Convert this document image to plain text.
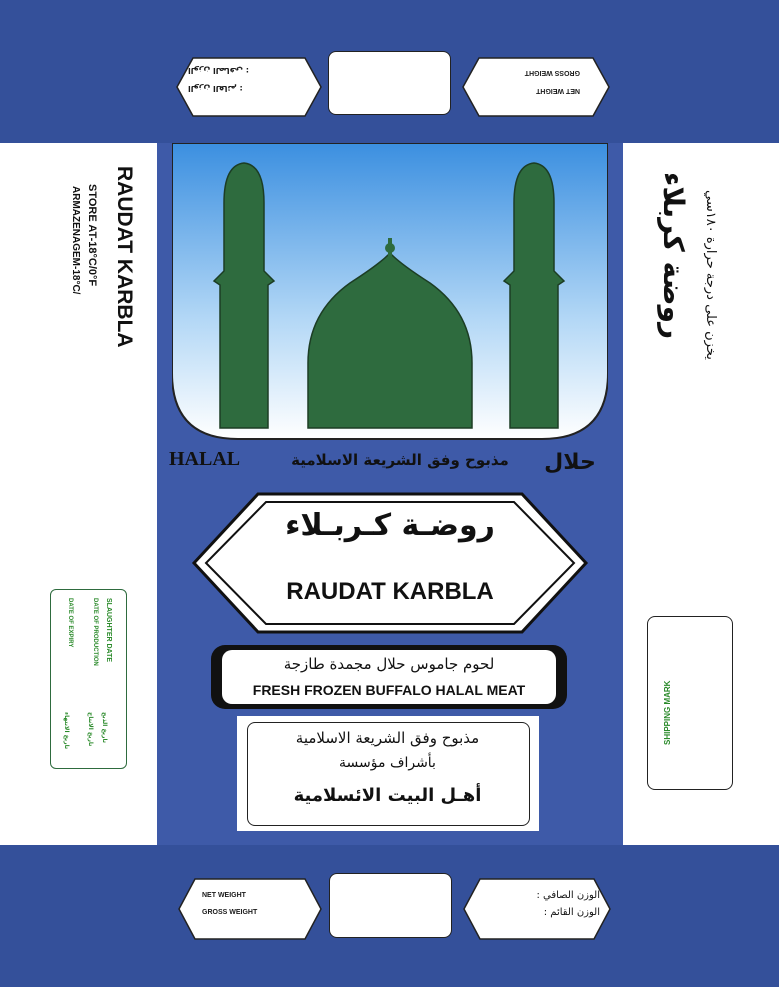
الوزن الصافي :
الوزن القائم :
GROSS WEIGHT
NET WEIGHT
RAUDAT KARBLA
STORE AT-18°C/0°F
ARMAZENAGEM-18°C/
SLAUGHTER DATE
DATE OF PRODUCTION
DATE OF EXPIRY
تاريخ الذبح
تاريخ الانتاج
تاريخ الانتهاء
روضة كربلاء يخزن على درجة حرارة ١٨٠سي
SHIPPING MARK
HALAL	مذبوح وفق الشريعة الاسلامية حلال
روضـة كـربـلاء
RAUDAT KARBLA
لحوم جاموس حلال مجمدة طازجة
FRESH FROZEN BUFFALO HALAL MEAT
مذبوح وفق الشريعة الاسلامية
بأشراف مؤسسة
أهـل البيت الائسلامية
NET WEIGHT
GROSS WEIGHT
الوزن الصافي :
الوزن القائم :
